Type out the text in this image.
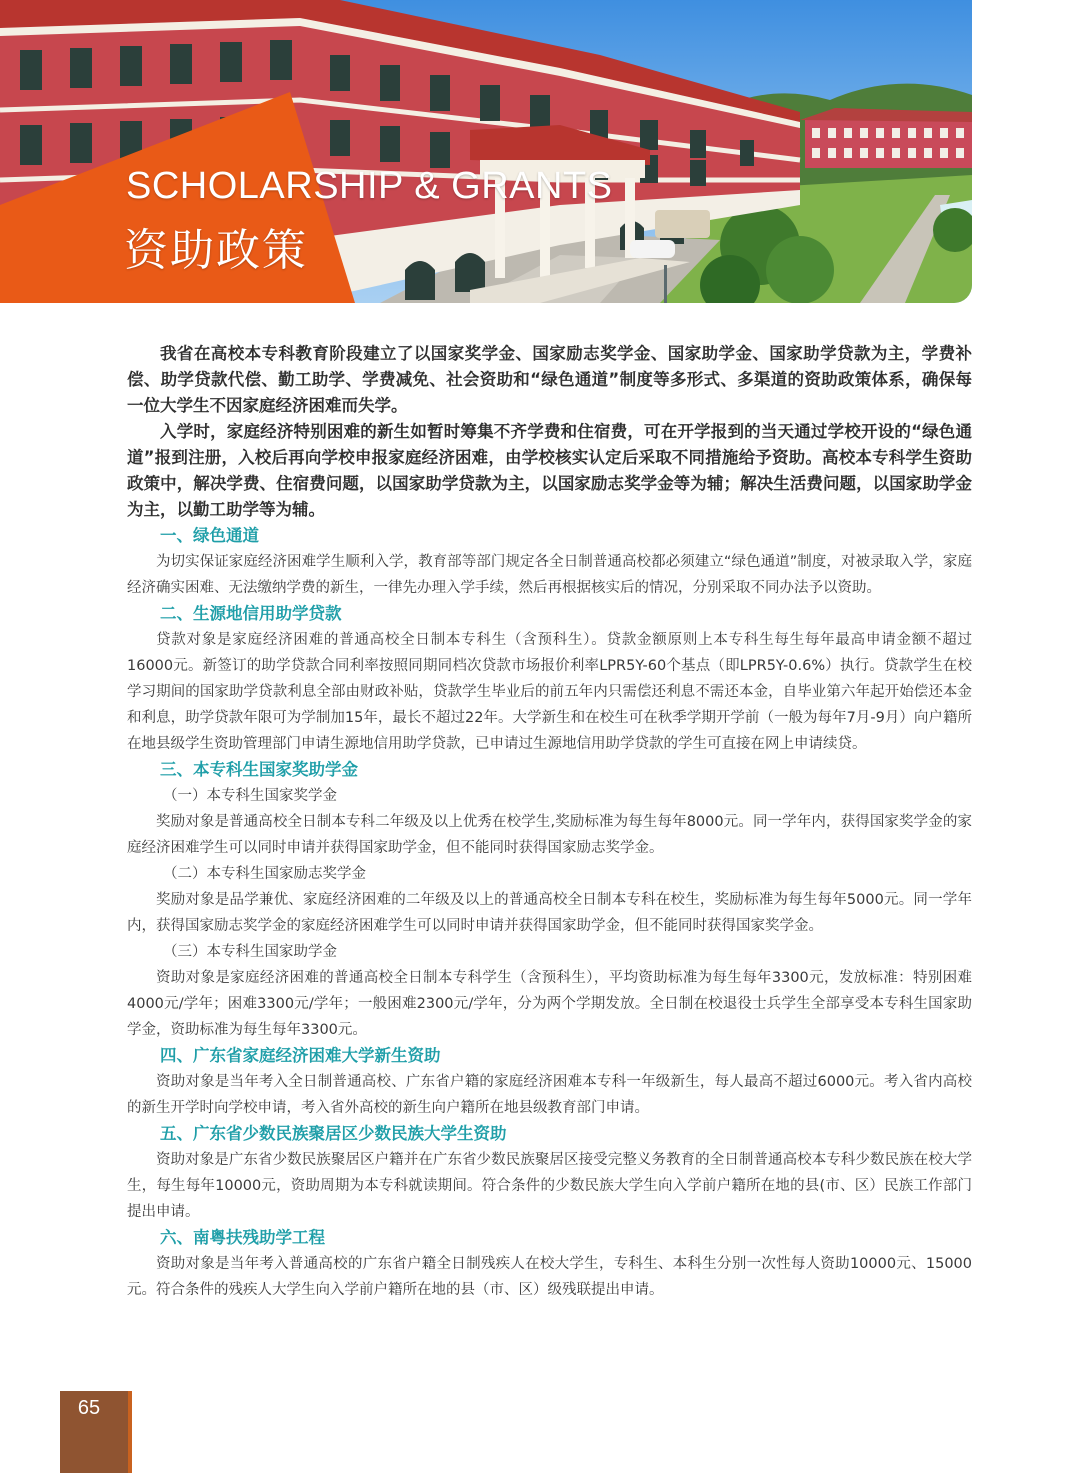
SCHOLARSHIP & GRANTS
资助政策

我省在高校本专科教育阶段建立了以国家奖学金、国家励志奖学金、国家助学金、国家助学贷款为主，学费补偿、助学贷款代偿、勤工助学、学费减免、社会资助和“绿色通道”制度等多形式、多渠道的资助政策体系，确保每一位大学生不因家庭经济困难而失学。

入学时，家庭经济特别困难的新生如暂时筹集不齐学费和住宿费，可在开学报到的当天通过学校开设的“绿色通道”报到注册，入校后再向学校申报家庭经济困难，由学校核实认定后采取不同措施给予资助。高校本专科学生资助政策中，解决学费、住宿费问题，以国家助学贷款为主，以国家励志奖学金等为辅；解决生活费问题，以国家助学金为主，以勤工助学等为辅。

一、绿色通道

为切实保证家庭经济困难学生顺利入学，教育部等部门规定各全日制普通高校都必须建立“绿色通道”制度，对被录取入学，家庭经济确实困难、无法缴纳学费的新生，一律先办理入学手续，然后再根据核实后的情况，分别采取不同办法予以资助。

二、生源地信用助学贷款

贷款对象是家庭经济困难的普通高校全日制本专科生（含预科生）。贷款金额原则上本专科生每生每年最高申请金额不超过16000元。新签订的助学贷款合同利率按照同期同档次贷款市场报价利率LPR5Y-60个基点（即LPR5Y-0.6%）执行。贷款学生在校学习期间的国家助学贷款利息全部由财政补贴，贷款学生毕业后的前五年内只需偿还利息不需还本金，自毕业第六年起开始偿还本金和利息，助学贷款年限可为学制加15年，最长不超过22年。大学新生和在校生可在秋季学期开学前（一般为每年7月-9月）向户籍所在地县级学生资助管理部门申请生源地信用助学贷款，已申请过生源地信用助学贷款的学生可直接在网上申请续贷。

三、本专科生国家奖助学金
（一）本专科生国家奖学金

奖励对象是普通高校全日制本专科二年级及以上优秀在校学生,奖励标准为每生每年8000元。同一学年内，获得国家奖学金的家庭经济困难学生可以同时申请并获得国家助学金，但不能同时获得国家励志奖学金。

（二）本专科生国家励志奖学金

奖励对象是品学兼优、家庭经济困难的二年级及以上的普通高校全日制本专科在校生，奖励标准为每生每年5000元。同一学年内，获得国家励志奖学金的家庭经济困难学生可以同时申请并获得国家助学金，但不能同时获得国家奖学金。

（三）本专科生国家助学金

资助对象是家庭经济困难的普通高校全日制本专科学生（含预科生），平均资助标准为每生每年3300元，发放标准：特别困难4000元/学年；困难3300元/学年；一般困难2300元/学年，分为两个学期发放。全日制在校退役士兵学生全部享受本专科生国家助学金，资助标准为每生每年3300元。

四、广东省家庭经济困难大学新生资助

资助对象是当年考入全日制普通高校、广东省户籍的家庭经济困难本专科一年级新生，每人最高不超过6000元。考入省内高校的新生开学时向学校申请，考入省外高校的新生向户籍所在地县级教育部门申请。

五、广东省少数民族聚居区少数民族大学生资助

资助对象是广东省少数民族聚居区户籍并在广东省少数民族聚居区接受完整义务教育的全日制普通高校本专科少数民族在校大学生，每生每年10000元，资助周期为本专科就读期间。符合条件的少数民族大学生向入学前户籍所在地的县(市、区）民族工作部门提出申请。

六、南粤扶残助学工程

资助对象是当年考入普通高校的广东省户籍全日制残疾人在校大学生，专科生、本科生分别一次性每人资助10000元、15000元。符合条件的残疾人大学生向入学前户籍所在地的县（市、区）级残联提出申请。

65
